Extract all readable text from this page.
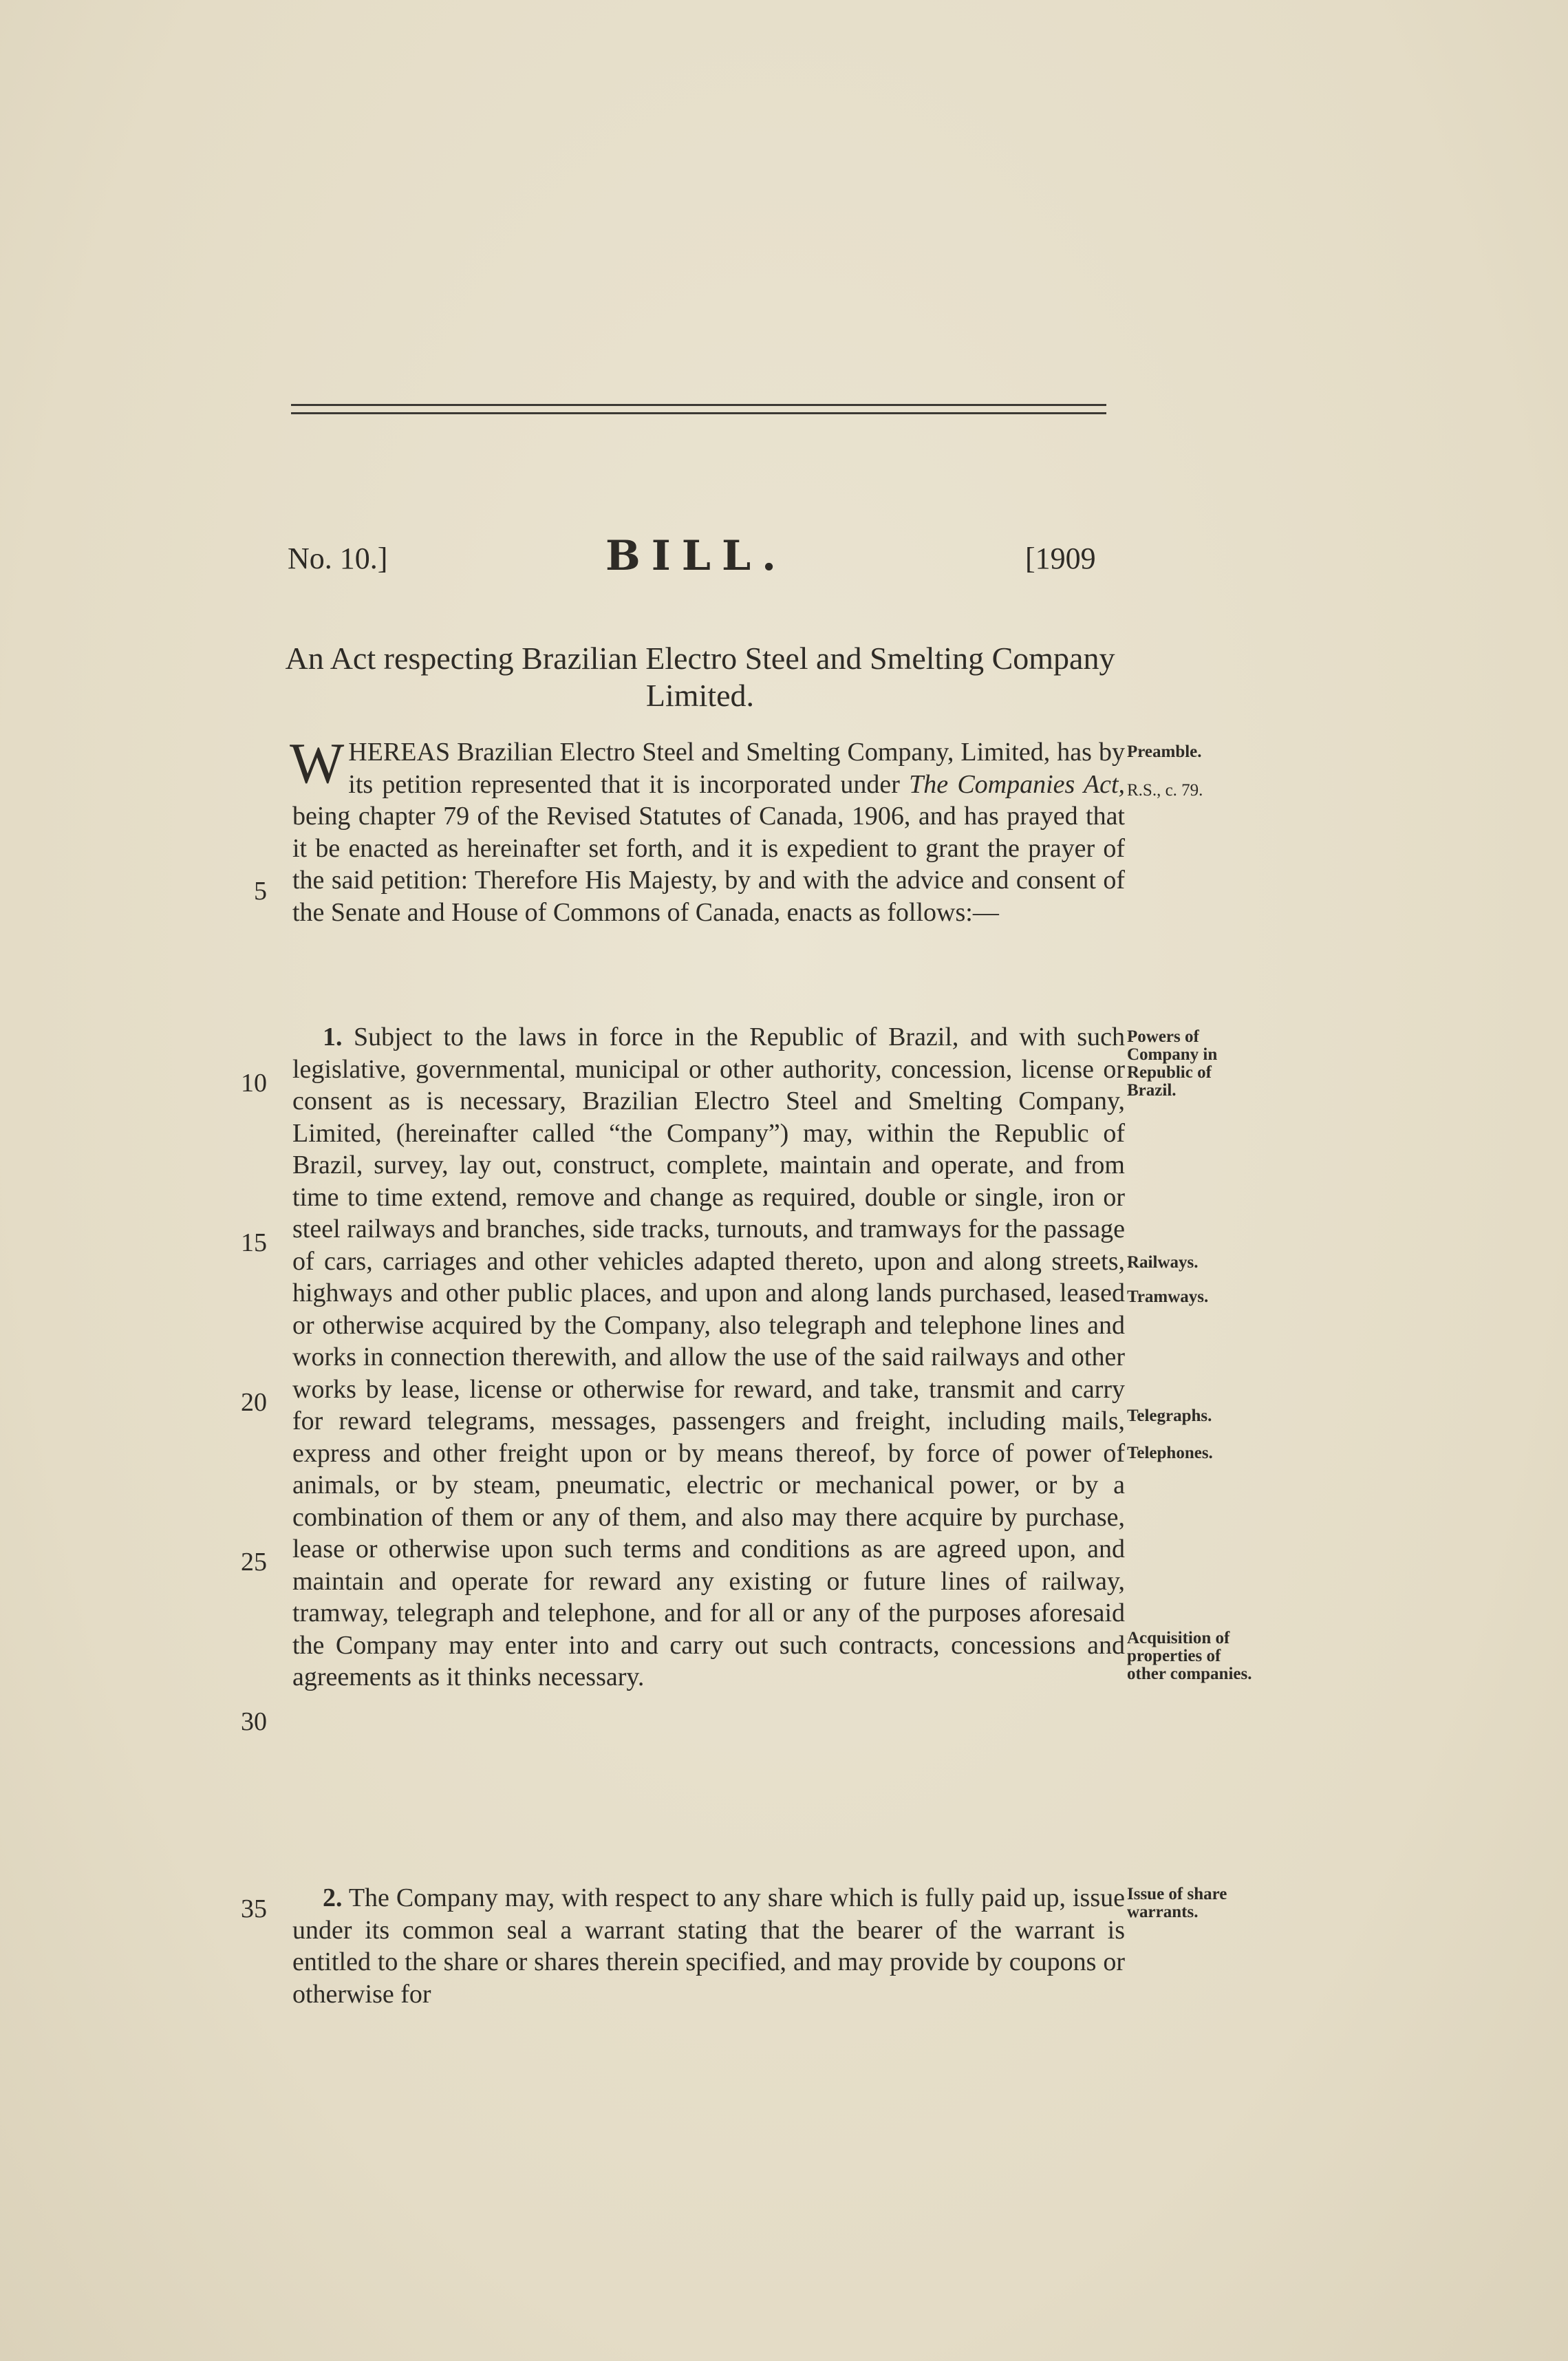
No. 10.]	BILL.	[1909
An Act respecting Brazilian Electro Steel and Smelting Company Limited.

WHEREAS Brazilian Electro Steel and Smelting Company, Limited, has by its petition represented that it is incorporated under The Companies Act, being chapter 79 of the Revised Statutes of Canada, 1906, and has prayed that it be enacted as hereinafter set forth, and it is expedient to grant the prayer of the said petition: Therefore His Majesty, by and with the advice and consent of the Senate and House of Commons of Canada, enacts as follows:—

1. Subject to the laws in force in the Republic of Brazil, and with such legislative, governmental, municipal or other authority, concession, license or consent as is necessary, Brazilian Electro Steel and Smelting Company, Limited, (hereinafter called “the Company”) may, within the Republic of Brazil, survey, lay out, construct, complete, maintain and operate, and from time to time extend, remove and change as required, double or single, iron or steel railways and branches, side tracks, turnouts, and tramways for the passage of cars, carriages and other vehicles adapted thereto, upon and along streets, highways and other public places, and upon and along lands purchased, leased or otherwise acquired by the Company, also telegraph and telephone lines and works in connection therewith, and allow the use of the said railways and other works by lease, license or otherwise for reward, and take, transmit and carry for reward telegrams, messages, passengers and freight, including mails, express and other freight upon or by means thereof, by force of power of animals, or by steam, pneumatic, electric or mechanical power, or by a combination of them or any of them, and also may there acquire by purchase, lease or otherwise upon such terms and conditions as are agreed upon, and maintain and operate for reward any existing or future lines of railway, tramway, telegraph and telephone, and for all or any of the purposes aforesaid the Company may enter into and carry out such contracts, concessions and agreements as it thinks necessary.

2. The Company may, with respect to any share which is fully paid up, issue under its common seal a warrant stating that the bearer of the warrant is entitled to the share or shares therein specified, and may provide by coupons or otherwise for

5
10
15
20
25
30
35
Preamble.
R.S., c. 79.
Powers of Company in Republic of Brazil.
Railways.
Tramways.
Telegraphs.
Telephones.
Acquisition of properties of other companies.
Issue of share warrants.
